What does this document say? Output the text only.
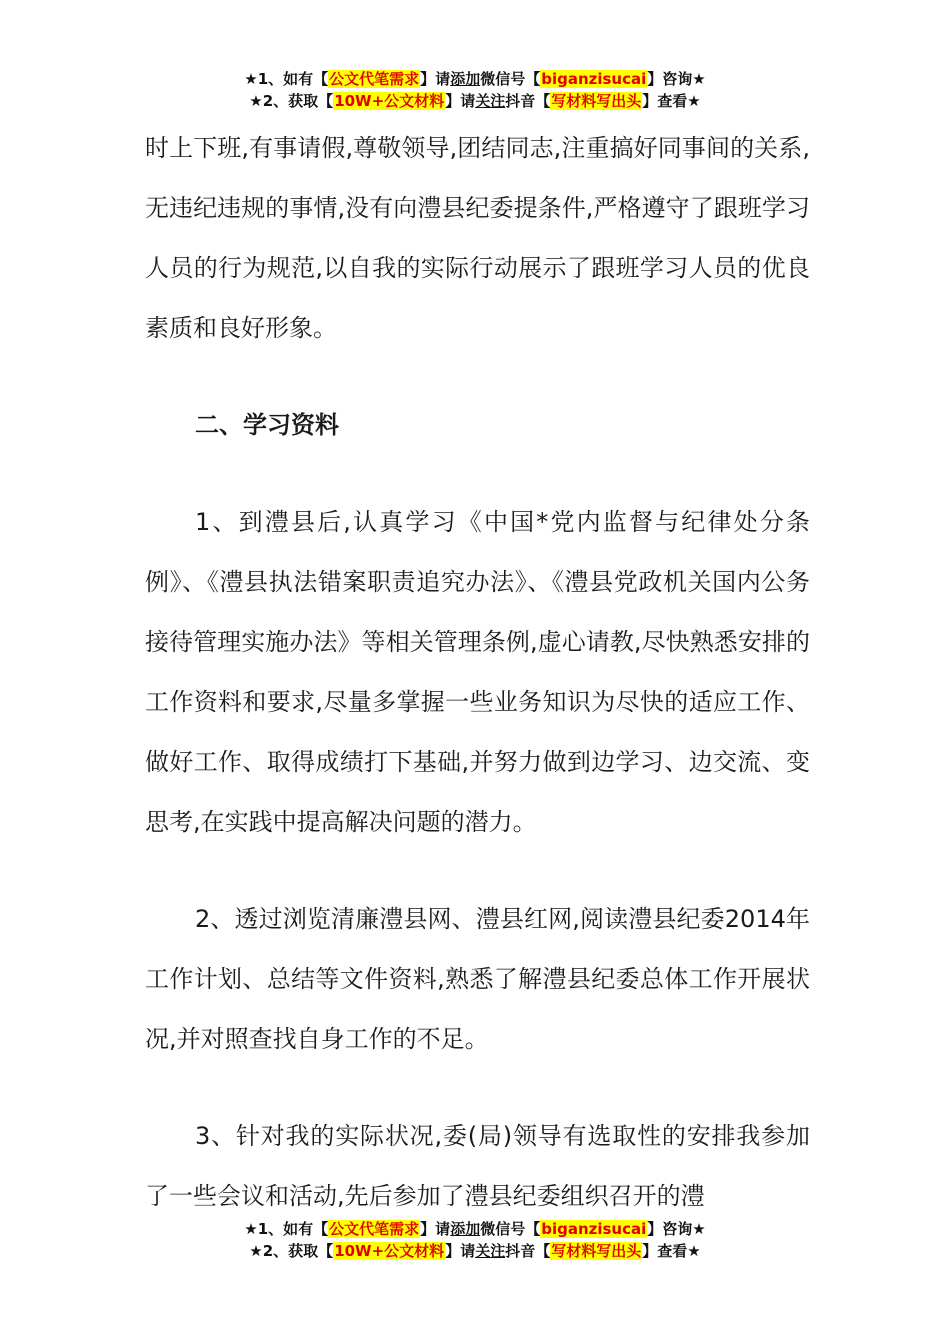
★1、如有【公文代笔需求】请添加微信号【biganzisucai】咨询★
★2、获取【10W+公文材料】请关注抖音【写材料写出头】查看★

时上下班,有事请假,尊敬领导,团结同志,注重搞好同事间的关系,无违纪违规的事情,没有向澧县纪委提条件,严格遵守了跟班学习人员的行为规范,以自我的实际行动展示了跟班学习人员的优良素质和良好形象。

二、学习资料

1、到澧县后,认真学习《中国*党内监督与纪律处分条例》、《澧县执法错案职责追究办法》、《澧县党政机关国内公务接待管理实施办法》等相关管理条例,虚心请教,尽快熟悉安排的工作资料和要求,尽量多掌握一些业务知识为尽快的适应工作、做好工作、取得成绩打下基础,并努力做到边学习、边交流、变思考,在实践中提高解决问题的潜力。

2、透过浏览清廉澧县网、澧县红网,阅读澧县纪委2014年工作计划、总结等文件资料,熟悉了解澧县纪委总体工作开展状况,并对照查找自身工作的不足。

3、针对我的实际状况,委(局)领导有选取性的安排我参加了一些会议和活动,先后参加了澧县纪委组织召开的澧

★1、如有【公文代笔需求】请添加微信号【biganzisucai】咨询★
★2、获取【10W+公文材料】请关注抖音【写材料写出头】查看★
